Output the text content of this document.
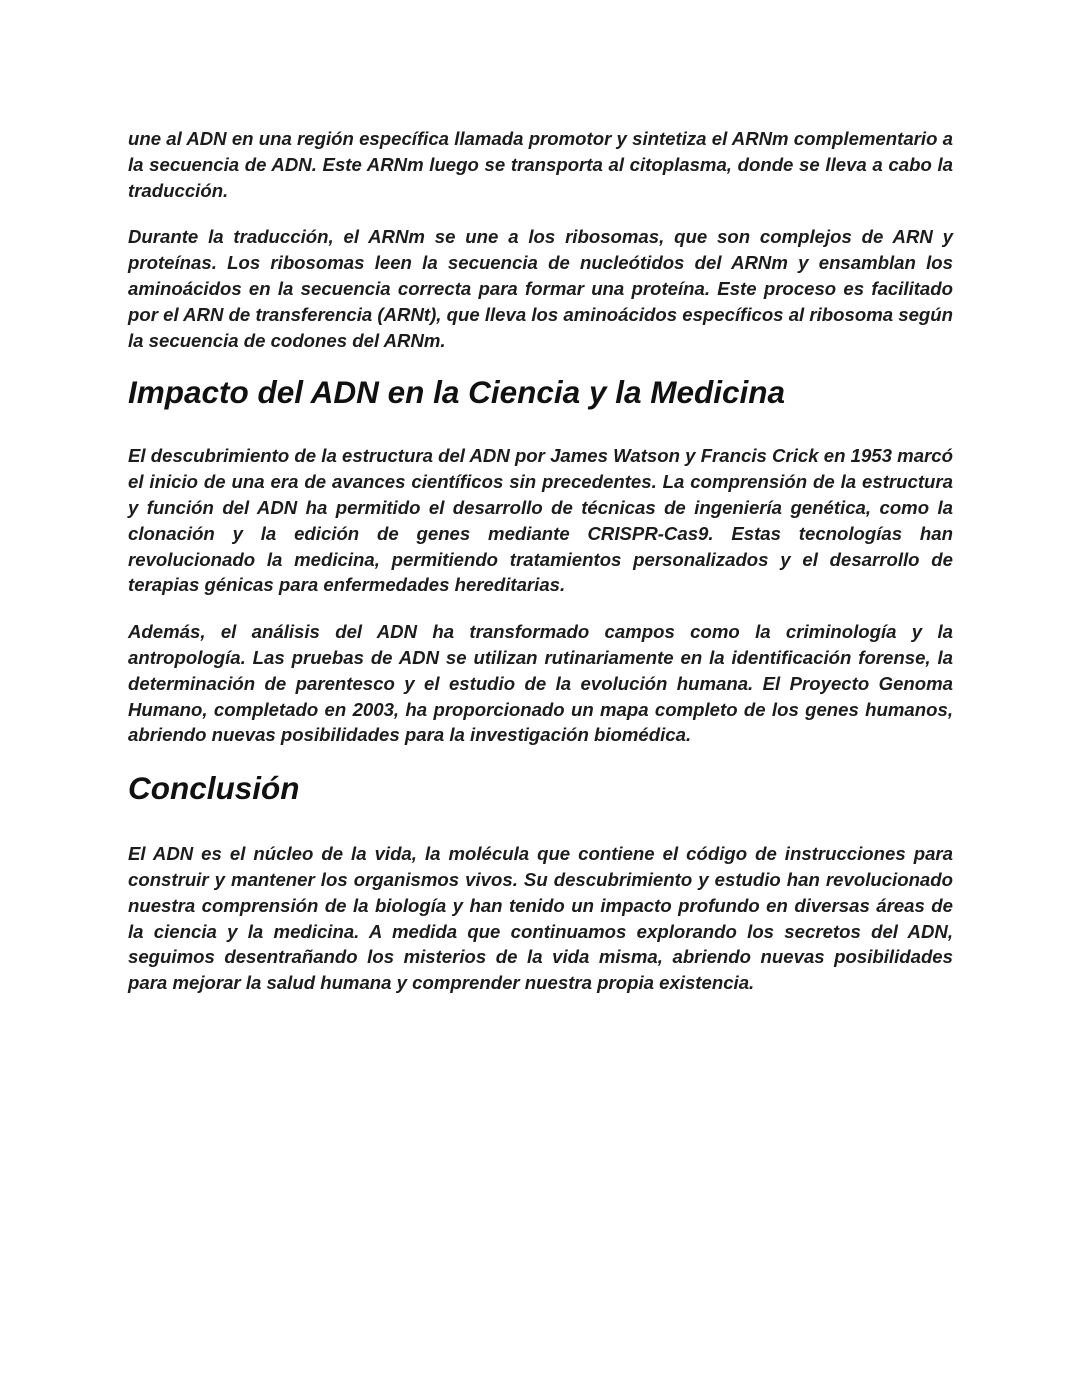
une al ADN en una región específica llamada promotor y sintetiza el ARNm complementario a la secuencia de ADN. Este ARNm luego se transporta al citoplasma, donde se lleva a cabo la traducción.

Durante la traducción, el ARNm se une a los ribosomas, que son complejos de ARN y proteínas. Los ribosomas leen la secuencia de nucleótidos del ARNm y ensamblan los aminoácidos en la secuencia correcta para formar una proteína. Este proceso es facilitado por el ARN de transferencia (ARNt), que lleva los aminoácidos específicos al ribosoma según la secuencia de codones del ARNm.

Impacto del ADN en la Ciencia y la Medicina

El descubrimiento de la estructura del ADN por James Watson y Francis Crick en 1953 marcó el inicio de una era de avances científicos sin precedentes. La comprensión de la estructura y función del ADN ha permitido el desarrollo de técnicas de ingeniería genética, como la clonación y la edición de genes mediante CRISPR-Cas9. Estas tecnologías han revolucionado la medicina, permitiendo tratamientos personalizados y el desarrollo de terapias génicas para enfermedades hereditarias.

Además, el análisis del ADN ha transformado campos como la criminología y la antropología. Las pruebas de ADN se utilizan rutinariamente en la identificación forense, la determinación de parentesco y el estudio de la evolución humana. El Proyecto Genoma Humano, completado en 2003, ha proporcionado un mapa completo de los genes humanos, abriendo nuevas posibilidades para la investigación biomédica.

Conclusión

El ADN es el núcleo de la vida, la molécula que contiene el código de instrucciones para construir y mantener los organismos vivos. Su descubrimiento y estudio han revolucionado nuestra comprensión de la biología y han tenido un impacto profundo en diversas áreas de la ciencia y la medicina. A medida que continuamos explorando los secretos del ADN, seguimos desentrañando los misterios de la vida misma, abriendo nuevas posibilidades para mejorar la salud humana y comprender nuestra propia existencia.
